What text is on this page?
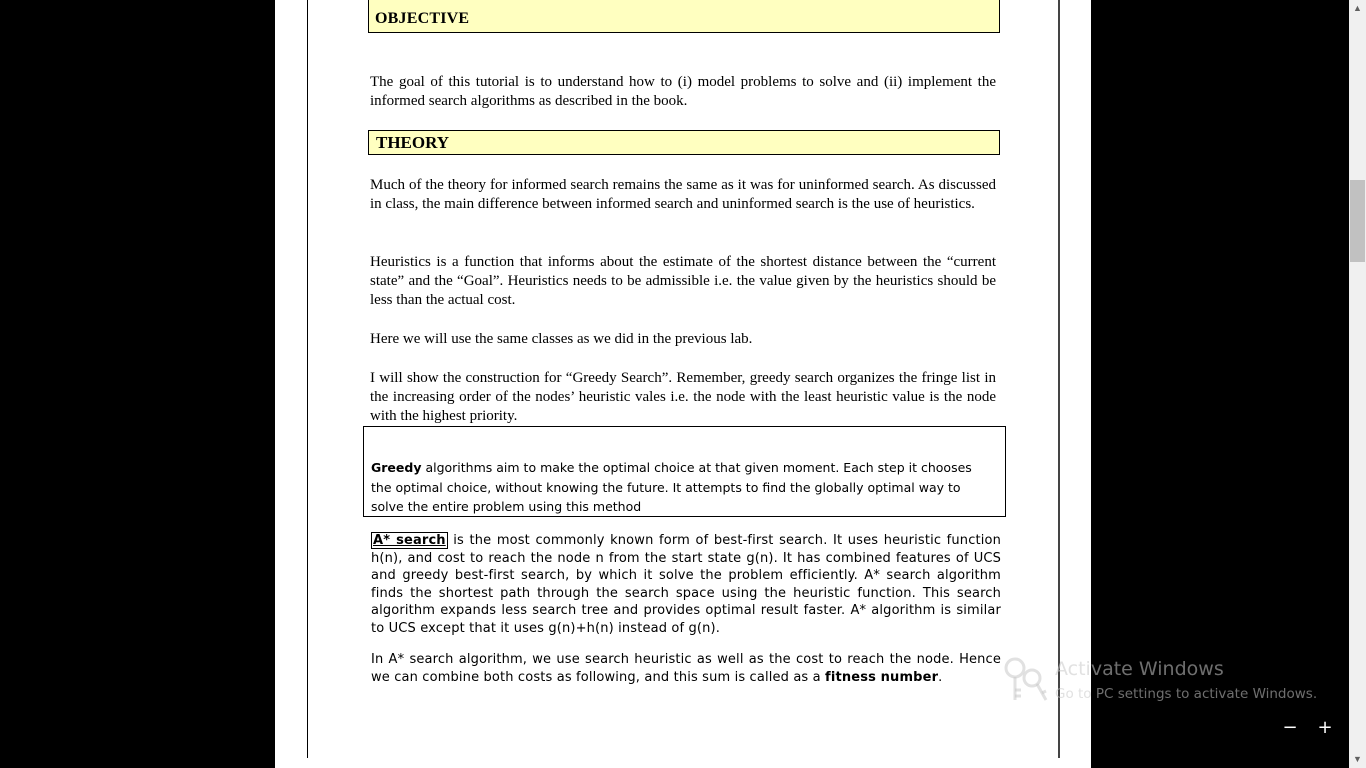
OBJECTIVE

The goal of this tutorial is to understand how to (i) model problems to solve and (ii) implement the informed search algorithms as described in the book.

THEORY

Much of the theory for informed search remains the same as it was for uninformed search. As discussed in class, the main difference between informed search and uninformed search is the use of heuristics.

Heuristics is a function that informs about the estimate of the shortest distance between the “current state” and the “Goal”. Heuristics needs to be admissible i.e. the value given by the heuristics should be less than the actual cost.

Here we will use the same classes as we did in the previous lab.

I will show the construction for “Greedy Search”. Remember, greedy search organizes the fringe list in the increasing order of the nodes’ heuristic vales i.e. the node with the least heuristic value is the node with the highest priority.

Greedy algorithms aim to make the optimal choice at that given moment. Each step it chooses the optimal choice, without knowing the future. It attempts to find the globally optimal way to solve the entire problem using this method

A* search is the most commonly known form of best-first search. It uses heuristic function h(n), and cost to reach the node n from the start state g(n). It has combined features of UCS and greedy best-first search, by which it solve the problem efficiently. A* search algorithm finds the shortest path through the search space using the heuristic function. This search algorithm expands less search tree and provides optimal result faster. A* algorithm is similar to UCS except that it uses g(n)+h(n) instead of g(n).

In A* search algorithm, we use search heuristic as well as the cost to reach the node. Hence we can combine both costs as following, and this sum is called as a fitness number.	Activate Windows
Go to PC settings to activate Windows.
− +
▲
▼
